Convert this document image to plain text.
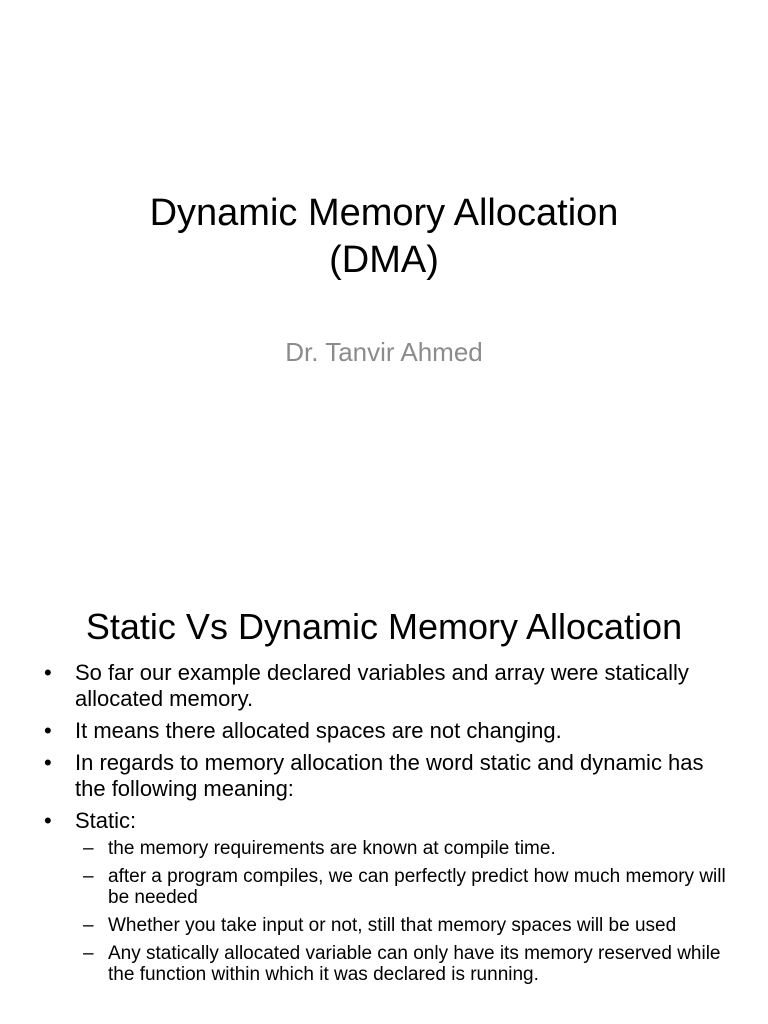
Dynamic Memory Allocation
(DMA)

Dr. Tanvir Ahmed

Static Vs Dynamic Memory Allocation
• So far our example declared variables and array were statically allocated memory.
• It means there allocated spaces are not changing.
• In regards to memory allocation the word static and dynamic has the following meaning:
• Static:
– the memory requirements are known at compile time.
– after a program compiles, we can perfectly predict how much memory will be needed
– Whether you take input or not, still that memory spaces will be used
– Any statically allocated variable can only have its memory reserved while the function within which it was declared is running.
